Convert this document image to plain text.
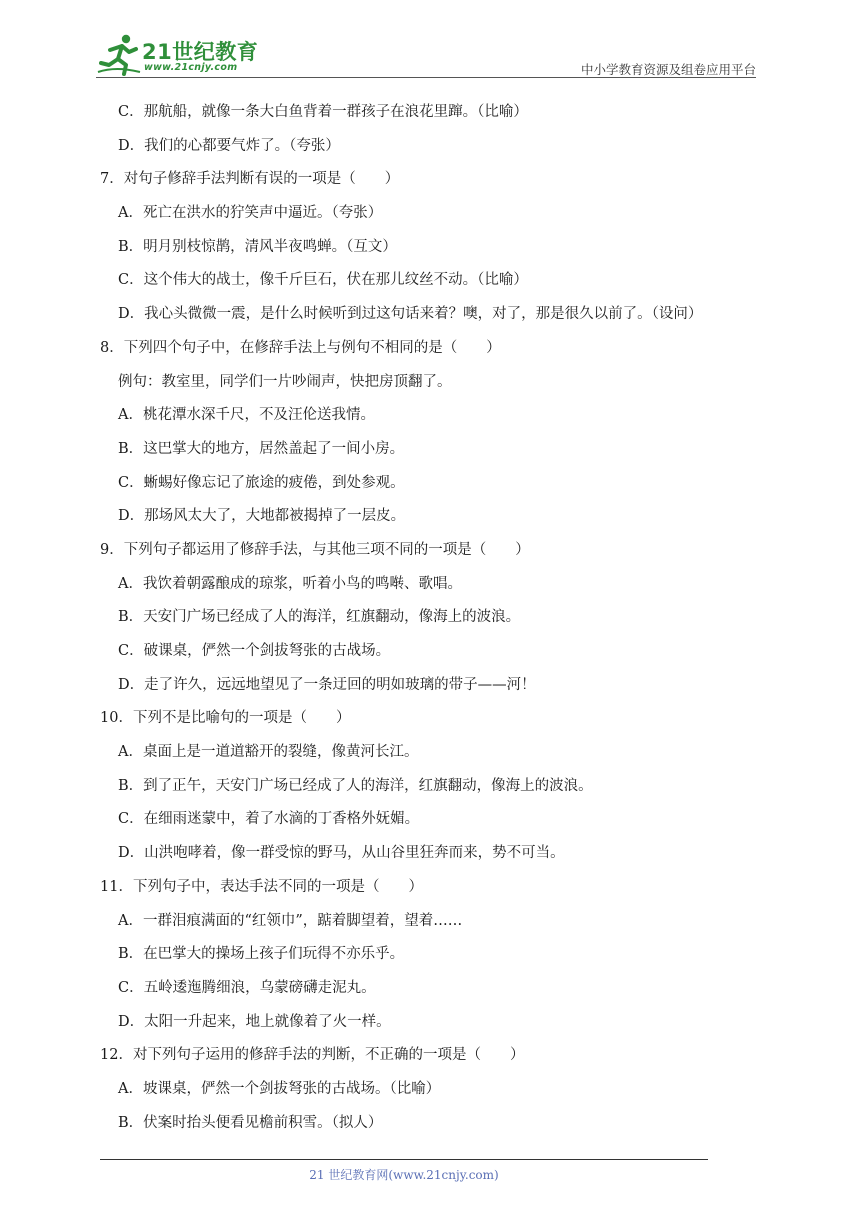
21世纪教育
www.21cnjy.com	中小学教育资源及组卷应用平台
C．那航船，就像一条大白鱼背着一群孩子在浪花里蹿。（比喻）
D．我们的心都要气炸了。（夸张）
7．对句子修辞手法判断有误的一项是（　　）
A．死亡在洪水的狞笑声中逼近。（夸张）
B．明月别枝惊鹊，清风半夜鸣蝉。（互文）
C．这个伟大的战士，像千斤巨石，伏在那儿纹丝不动。（比喻）
D．我心头微微一震，是什么时候听到过这句话来着？噢，对了，那是很久以前了。（设问）
8．下列四个句子中，在修辞手法上与例句不相同的是（　　）
例句：教室里，同学们一片吵闹声，快把房顶翻了。
A．桃花潭水深千尺，不及汪伦送我情。
B．这巴掌大的地方，居然盖起了一间小房。
C．蜥蜴好像忘记了旅途的疲倦，到处参观。
D．那场风太大了，大地都被揭掉了一层皮。
9．下列句子都运用了修辞手法，与其他三项不同的一项是（　　）
A．我饮着朝露酿成的琼浆，听着小鸟的鸣啭、歌唱。
B．天安门广场已经成了人的海洋，红旗翻动，像海上的波浪。
C．破课桌，俨然一个剑拔弩张的古战场。
D．走了许久，远远地望见了一条迂回的明如玻璃的带子——河！
10．下列不是比喻句的一项是（　　）
A．桌面上是一道道豁开的裂缝，像黄河长江。
B．到了正午，天安门广场已经成了人的海洋，红旗翻动，像海上的波浪。
C．在细雨迷蒙中，着了水滴的丁香格外妩媚。
D．山洪咆哮着，像一群受惊的野马，从山谷里狂奔而来，势不可当。
11．下列句子中，表达手法不同的一项是（　　）
A．一群泪痕满面的“红领巾”，踮着脚望着，望着……
B．在巴掌大的操场上孩子们玩得不亦乐乎。
C．五岭逶迤腾细浪，乌蒙磅礴走泥丸。
D．太阳一升起来，地上就像着了火一样。
12．对下列句子运用的修辞手法的判断，不正确的一项是（　　）
A．坡课桌，俨然一个剑拔弩张的古战场。（比喻）
B．伏案时抬头便看见檐前积雪。（拟人）
21 世纪教育网(www.21cnjy.com)
